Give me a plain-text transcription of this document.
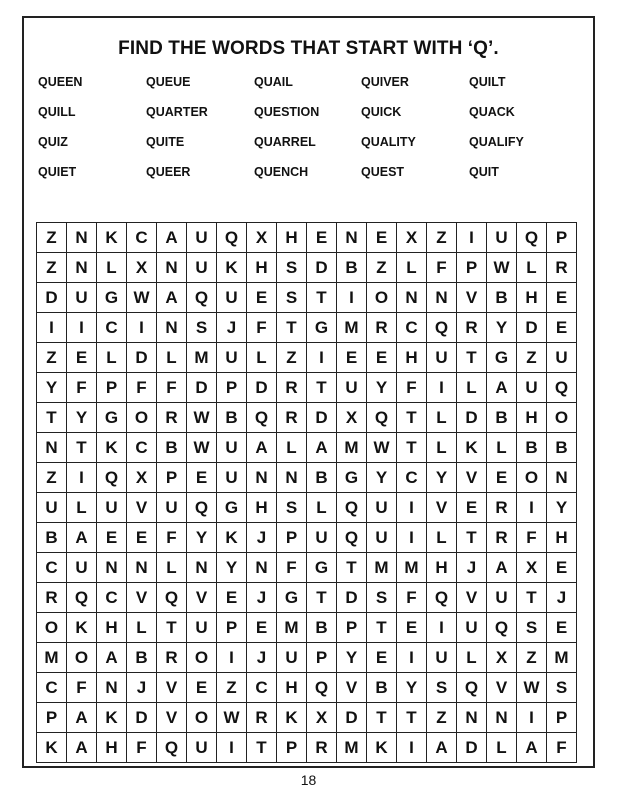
FIND THE WORDS THAT START WITH ‘Q’.
QUEEN	QUEUE	QUAIL	QUIVER	QUILT
QUILL	QUARTER	QUESTION	QUICK	QUACK
QUIZ	QUITE	QUARREL	QUALITY	QUALIFY
QUIET	QUEER	QUENCH	QUEST	QUIT
Z	N	K	C	A	U	Q	X	H	E	N	E	X	Z	I	U	Q	P
Z	N	L	X	N	U	K	H	S	D	B	Z	L	F	P W L	R
D	U	G W A	Q	U	E	S	T	I	O	N	N	V	B	H	E
I	I	C	I	N	S	J	F	T	G M R	C	Q	R	Y	D	E
Z	E	L	D	L	M U	L	Z	I	E	E	H	U	T	G	Z	U
Y	F	P	F	F	D	P	D	R	T	U	Y	F	I	L	A	U	Q
T	Y	G O	R W B	Q	R	D	X	Q	T	L	D	B	H	O
N	T	K	C	B W U	A	L	A M W T	L	K	L	B	B
Z	I	Q	X	P	E	U	N	N	B	G	Y	C	Y	V	E	O	N
U	L	U	V	U	Q G	H	S	L	Q	U	I	V	E	R	I	Y
B	A	E	E	F	Y	K	J	P	U	Q	U	I	L	T	R	F	H
C	U	N	N	L	N	Y	N	F	G	T	M M H	J	A	X	E
R	Q	C	V	Q	V	E	J	G	T	D	S	F	Q	V	U	T	J
O	K	H	L	T	U	P	E	M B	P	T	E	I	U	Q	S	E
M O	A	B	R	O	I	J	U	P	Y	E	I	U	L	X	Z	M
C	F	N	J	V	E	Z	C	H	Q	V	B	Y	S	Q	V W S
P	A	K	D	V	O W R	K	X	D	T	T	Z	N	N	I	P
K	A	H	F	Q	U	I	T	P	R M K	I	A	D	L	A	F
18
